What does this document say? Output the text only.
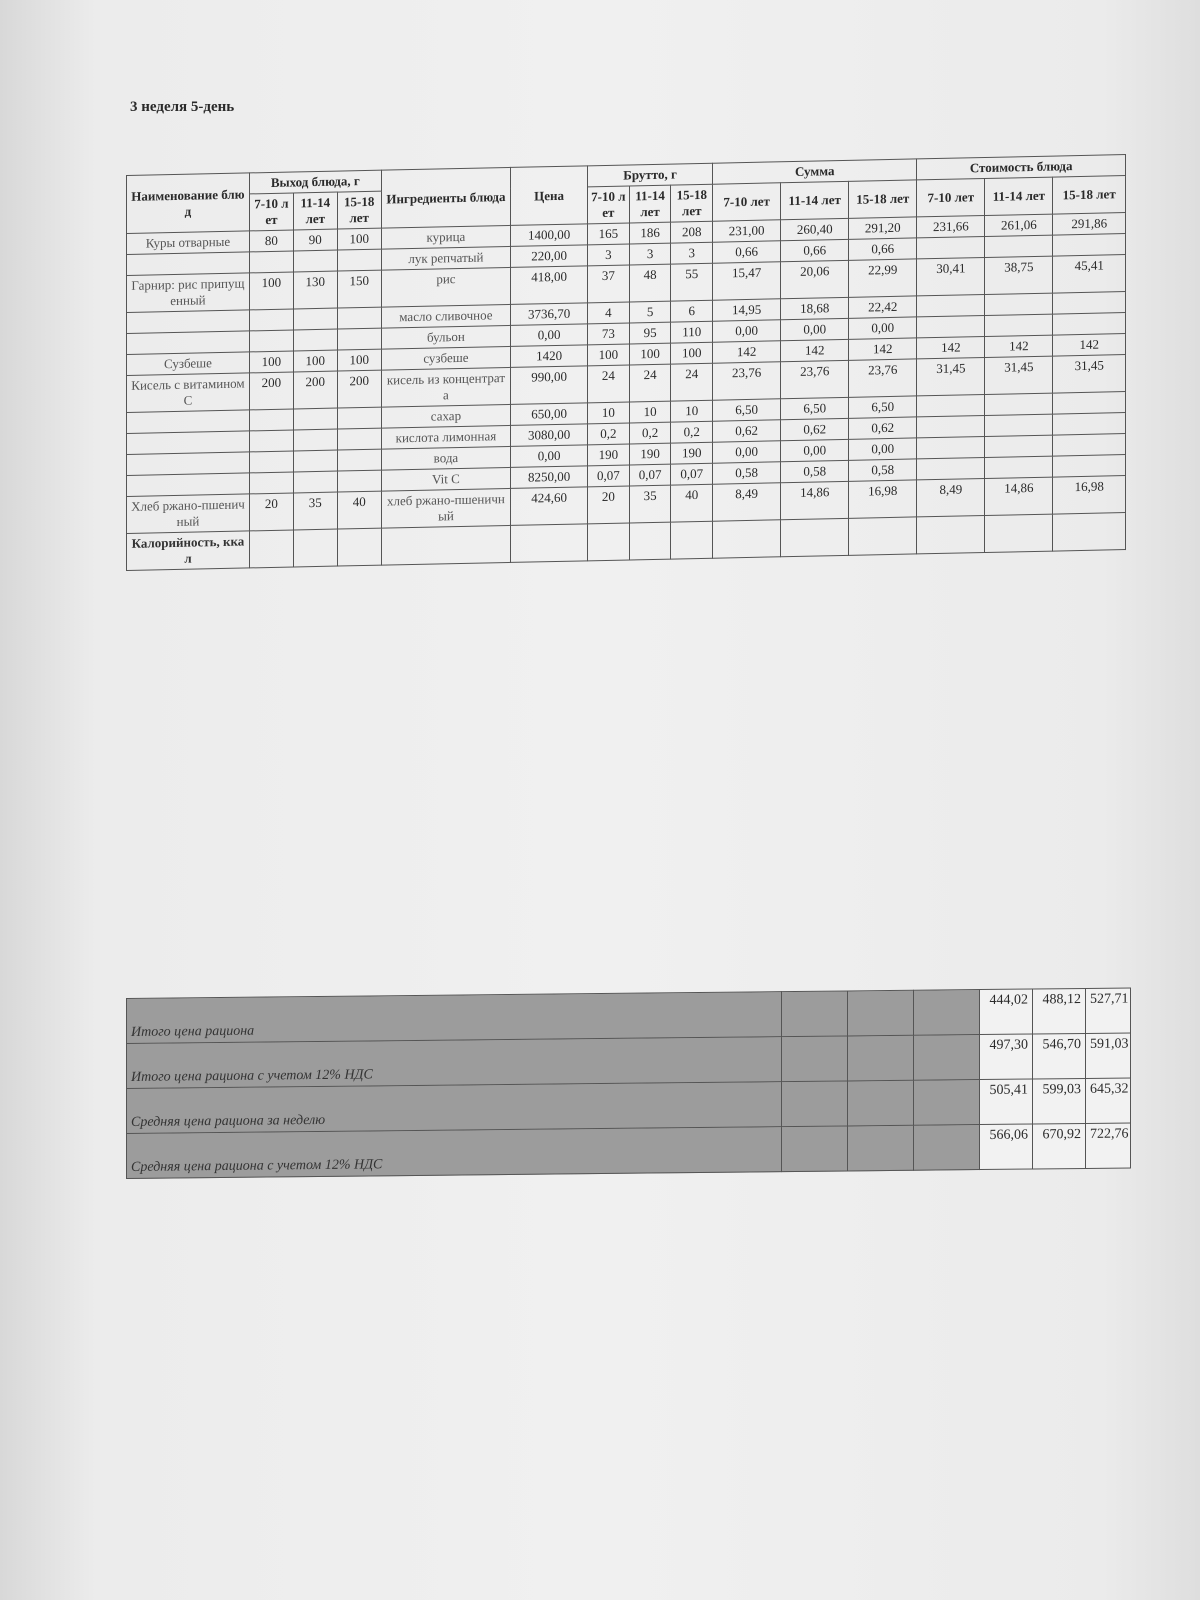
3 неделя 5-день
Наименование блюд	Выход блюда, г			Ингредиенты блюда	Цена	Брутто, г			Сумма			Стоимость блюда		
	7-10 лет	11-14 лет	15-18 лет			7-10 лет	11-14 лет	15-18 лет	7-10 лет	11-14 лет	15-18 лет	7-10 лет	11-14 лет	15-18 лет
Куры отварные	80	90	100	курица	1400,00	165	186	208	231,00	260,40	291,20	231,66	261,06	291,86
				лук репчатый	220,00	3	3	3	0,66	0,66	0,66			
Гарнир: рис припущенный	100	130	150	рис	418,00	37	48	55	15,47	20,06	22,99	30,41	38,75	45,41
				масло сливочное	3736,70	4	5	6	14,95	18,68	22,42			
				бульон	0,00	73	95	110	0,00	0,00	0,00			
Сузбеше	100	100	100	сузбеше	1420	100	100	100	142	142	142	142	142	142
Кисель с витамином С	200	200	200	кисель из концентрата	990,00	24	24	24	23,76	23,76	23,76	31,45	31,45	31,45
				сахар	650,00	10	10	10	6,50	6,50	6,50			
				кислота лимонная	3080,00	0,2	0,2	0,2	0,62	0,62	0,62			
				вода	0,00	190	190	190	0,00	0,00	0,00			
				Vit C	8250,00	0,07	0,07	0,07	0,58	0,58	0,58			
Хлеб ржано-пшеничный	20	35	40	хлеб ржано-пшеничный	424,60	20	35	40	8,49	14,86	16,98	8,49	14,86	16,98
Калорийность, ккал														
Итого цена рациона				444,02	488,12	527,71
Итого цена рациона с учетом 12% НДС				497,30	546,70	591,03
Средняя цена рациона за неделю				505,41	599,03	645,32
Средняя цена рациона с учетом 12% НДС				566,06	670,92	722,76
